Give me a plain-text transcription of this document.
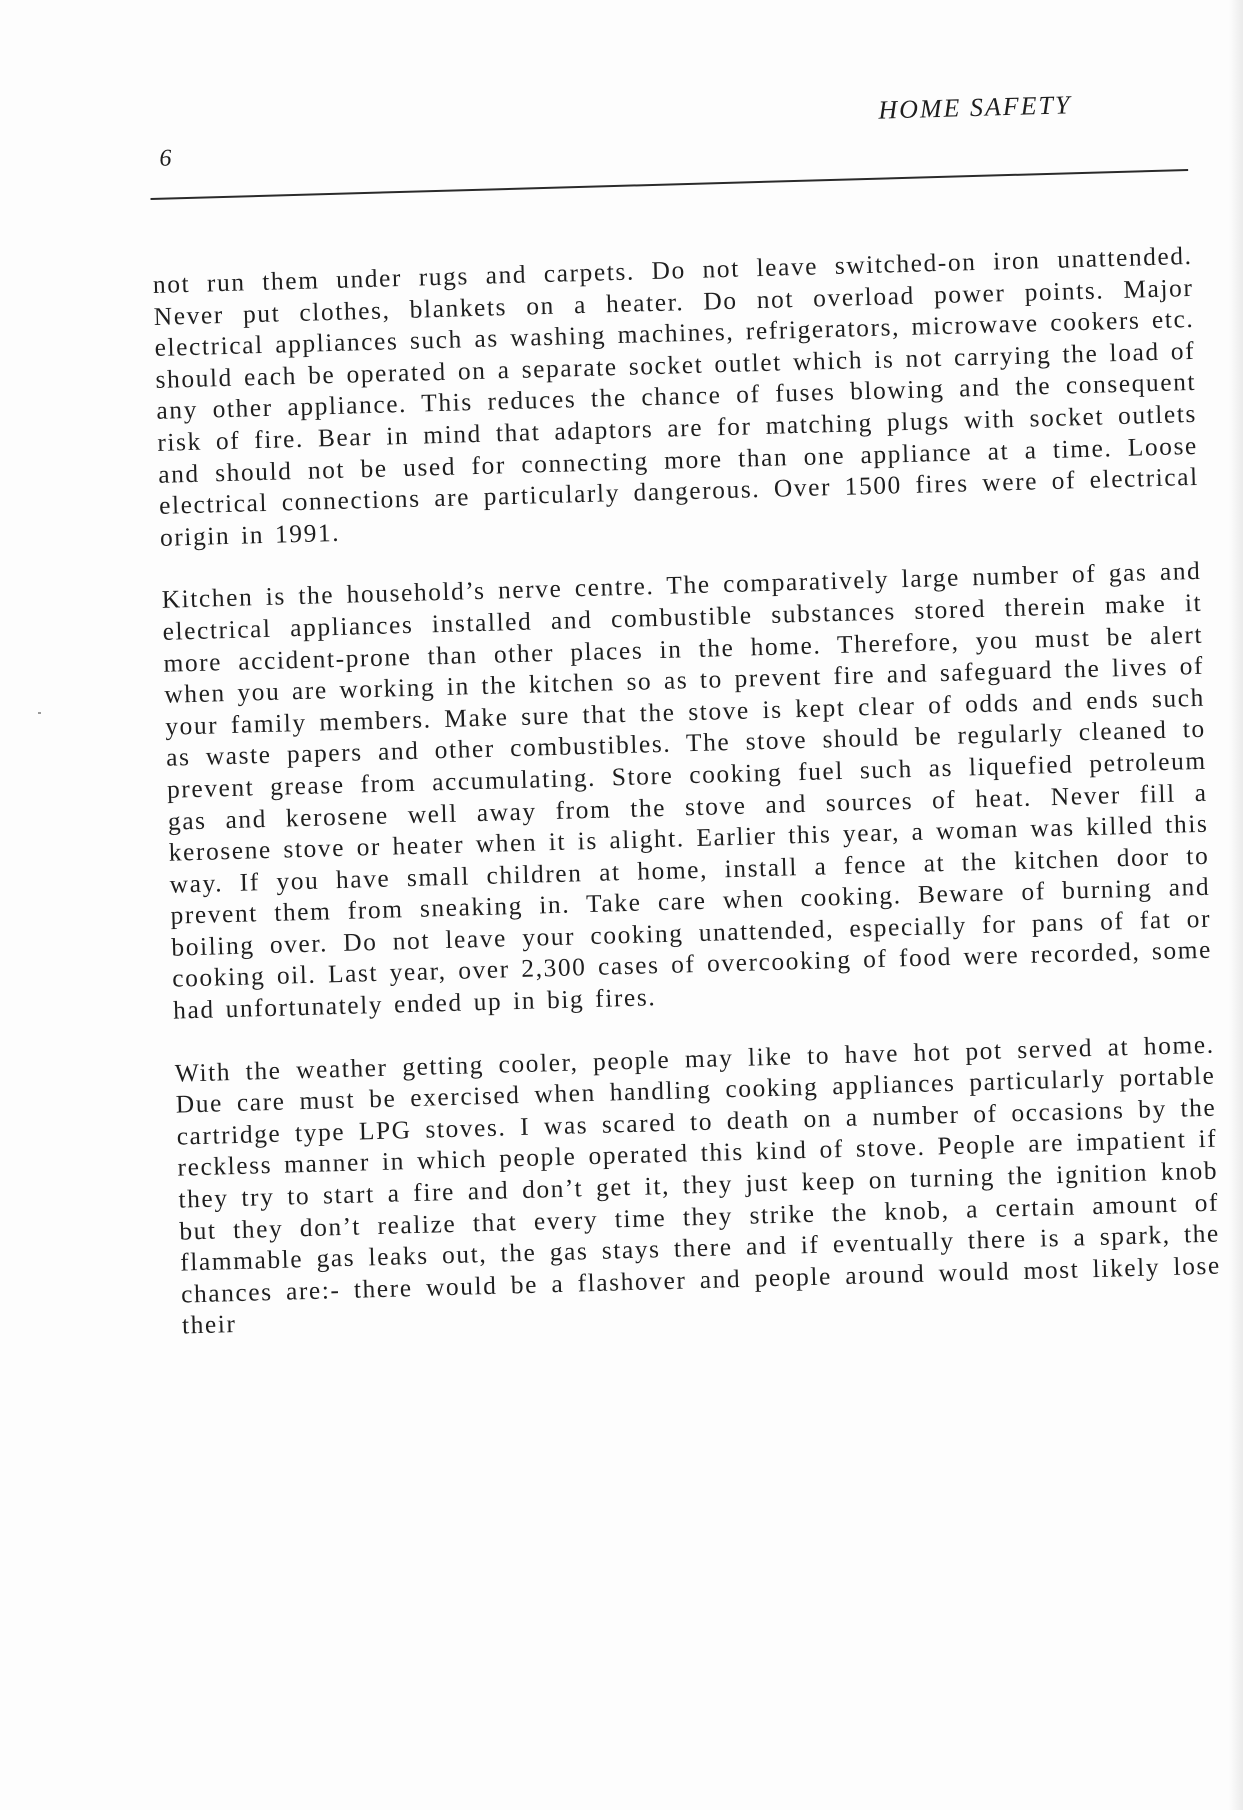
6
HOME SAFETY

not run them under rugs and carpets. Do not leave switched-on iron unattended. Never put clothes, blankets on a heater. Do not overload power points. Major electrical appliances such as washing machines, refrigerators, microwave cookers etc. should each be operated on a separate socket outlet which is not carrying the load of any other appliance. This reduces the chance of fuses blowing and the consequent risk of fire. Bear in mind that adaptors are for matching plugs with socket outlets and should not be used for connecting more than one appliance at a time. Loose electrical connections are particularly dangerous. Over 1500 fires were of electrical origin in 1991.

Kitchen is the household’s nerve centre. The comparatively large number of gas and electrical appliances installed and combustible substances stored therein make it more accident-prone than other places in the home. Therefore, you must be alert when you are working in the kitchen so as to prevent fire and safeguard the lives of your family members. Make sure that the stove is kept clear of odds and ends such as waste papers and other combustibles. The stove should be regularly cleaned to prevent grease from accumulating. Store cooking fuel such as liquefied petroleum gas and kerosene well away from the stove and sources of heat. Never fill a kerosene stove or heater when it is alight. Earlier this year, a woman was killed this way. If you have small children at home, install a fence at the kitchen door to prevent them from sneaking in. Take care when cooking. Beware of burning and boiling over. Do not leave your cooking unattended, especially for pans of fat or cooking oil. Last year, over 2,300 cases of overcooking of food were recorded, some had unfortunately ended up in big fires.

With the weather getting cooler, people may like to have hot pot served at home. Due care must be exercised when handling cooking appliances particularly portable cartridge type LPG stoves. I was scared to death on a number of occasions by the reckless manner in which people operated this kind of stove. People are impatient if they try to start a fire and don’t get it, they just keep on turning the ignition knob but they don’t realize that every time they strike the knob, a certain amount of flammable gas leaks out, the gas stays there and if eventually there is a spark, the chances are:- there would be a flashover and people around would most likely lose their
